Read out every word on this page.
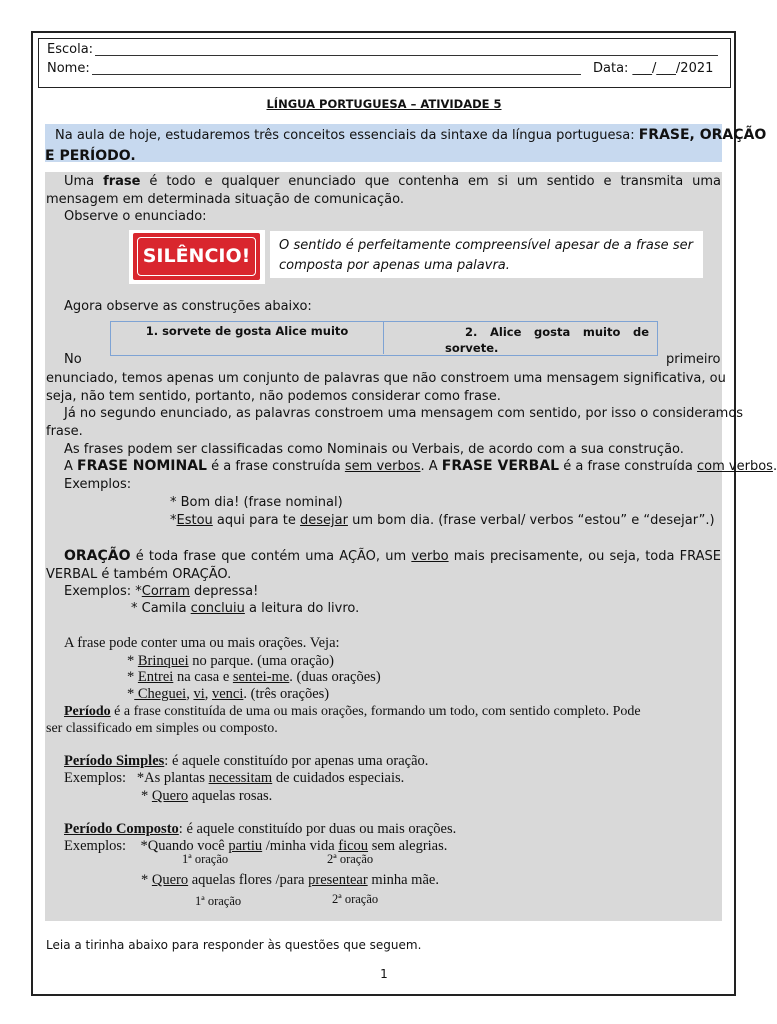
Escola:
Nome:	Data: ___/___/2021
LÍNGUA PORTUGUESA – ATIVIDADE 5
Na aula de hoje, estudaremos três conceitos essenciais da sintaxe da língua portuguesa: FRASE, ORAÇÃO
E PERÍODO.
Uma frase é todo e qualquer enunciado que contenha em si um sentido e transmita uma
mensagem em determinada situação de comunicação.
Observe o enunciado:
SILÊNCIO!	O sentido é perfeitamente compreensível apesar de a frase ser composta por apenas uma palavra.
Agora observe as construções abaixo:
1. sorvete de gosta Alice muito	2. Alice gosta muito de
sorvete.
No	primeiro
enunciado, temos apenas um conjunto de palavras que não constroem uma mensagem significativa, ou
seja, não tem sentido, portanto, não podemos considerar como frase.
Já no segundo enunciado, as palavras constroem uma mensagem com sentido, por isso o consideramos
frase.
As frases podem ser classificadas como Nominais ou Verbais, de acordo com a sua construção.
A FRASE NOMINAL é a frase construída sem verbos. A FRASE VERBAL é a frase construída com verbos.
Exemplos:
* Bom dia! (frase nominal)
*Estou aqui para te desejar um bom dia. (frase verbal/ verbos “estou” e “desejar”.)
ORAÇÃO é toda frase que contém uma AÇÃO, um verbo mais precisamente, ou seja, toda FRASE
VERBAL é também ORAÇÃO.
Exemplos: *Corram depressa!
* Camila concluiu a leitura do livro.
A frase pode conter uma ou mais orações. Veja:
* Brinquei no parque. (uma oração)
* Entrei na casa e sentei-me. (duas orações)
* Cheguei, vi, venci. (três orações)
Período é a frase constituída de uma ou mais orações, formando um todo, com sentido completo. Pode
ser classificado em simples ou composto.
Período Simples: é aquele constituído por apenas uma oração.
Exemplos:   *As plantas necessitam de cuidados especiais.
* Quero aquelas rosas.
Período Composto: é aquele constituído por duas ou mais orações.
Exemplos:    *Quando você partiu /minha vida ficou sem alegrias.
1ª oração	2ª oração
* Quero aquelas flores /para presentear minha mãe.
1ª oração	2ª oração
Leia a tirinha abaixo para responder às questões que seguem.
1
